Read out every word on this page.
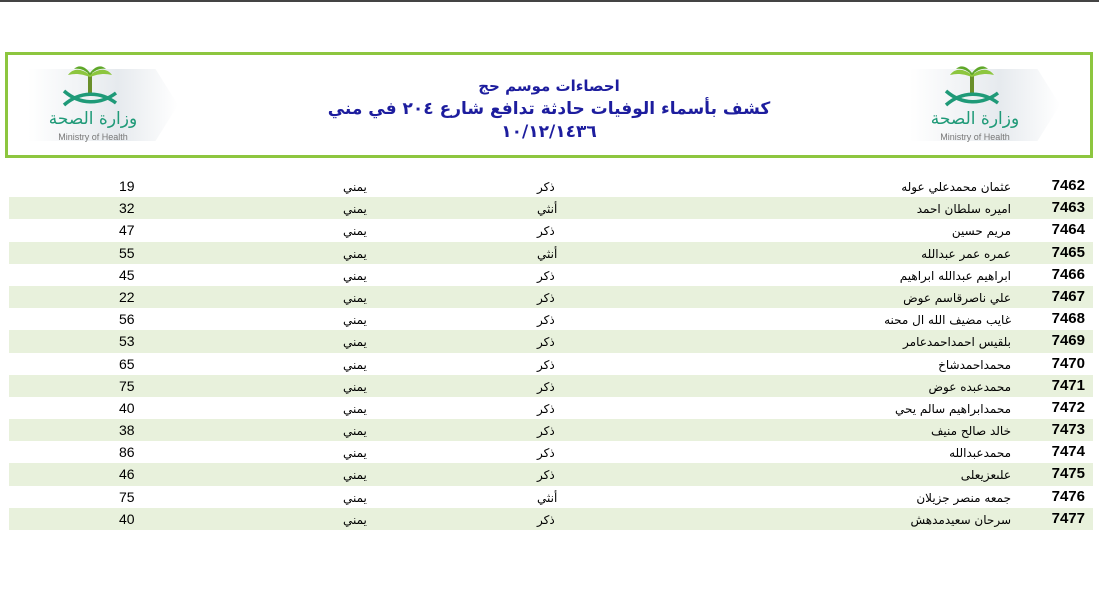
وزارة الصحة
Ministry of Health
احصاءات موسم حج
كشف بأسماء الوفيات حادثة تدافع شارع ٢٠٤ في مني
١٠/١٢/١٤٣٦
وزارة الصحة
Ministry of Health
7462
عثمان محمدعلي عوله
ذكر
يمني
19
7463
اميره سلطان احمد
أنثي
يمني
32
7464
مريم حسين
ذكر
يمني
47
7465
عمره عمر عبدالله
أنثي
يمني
55
7466
ابراهيم عبدالله ابراهيم
ذكر
يمني
45
7467
علي ناصرقاسم عوض
ذكر
يمني
22
7468
غايب مضيف الله ال محنه
ذكر
يمني
56
7469
بلقيس احمداحمدعامر
ذكر
يمني
53
7470
محمداحمدشاخ
ذكر
يمني
65
7471
محمدعبده عوض
ذكر
يمني
75
7472
محمدابراهيم سالم يحي
ذكر
يمني
40
7473
خالد صالح منيف
ذكر
يمني
38
7474
محمدعبدالله
ذكر
يمني
86
7475
علىعزيعلى
ذكر
يمني
46
7476
جمعه منصر جزيلان
أنثي
يمني
75
7477
سرحان سعيدمدهش
ذكر
يمني
40
